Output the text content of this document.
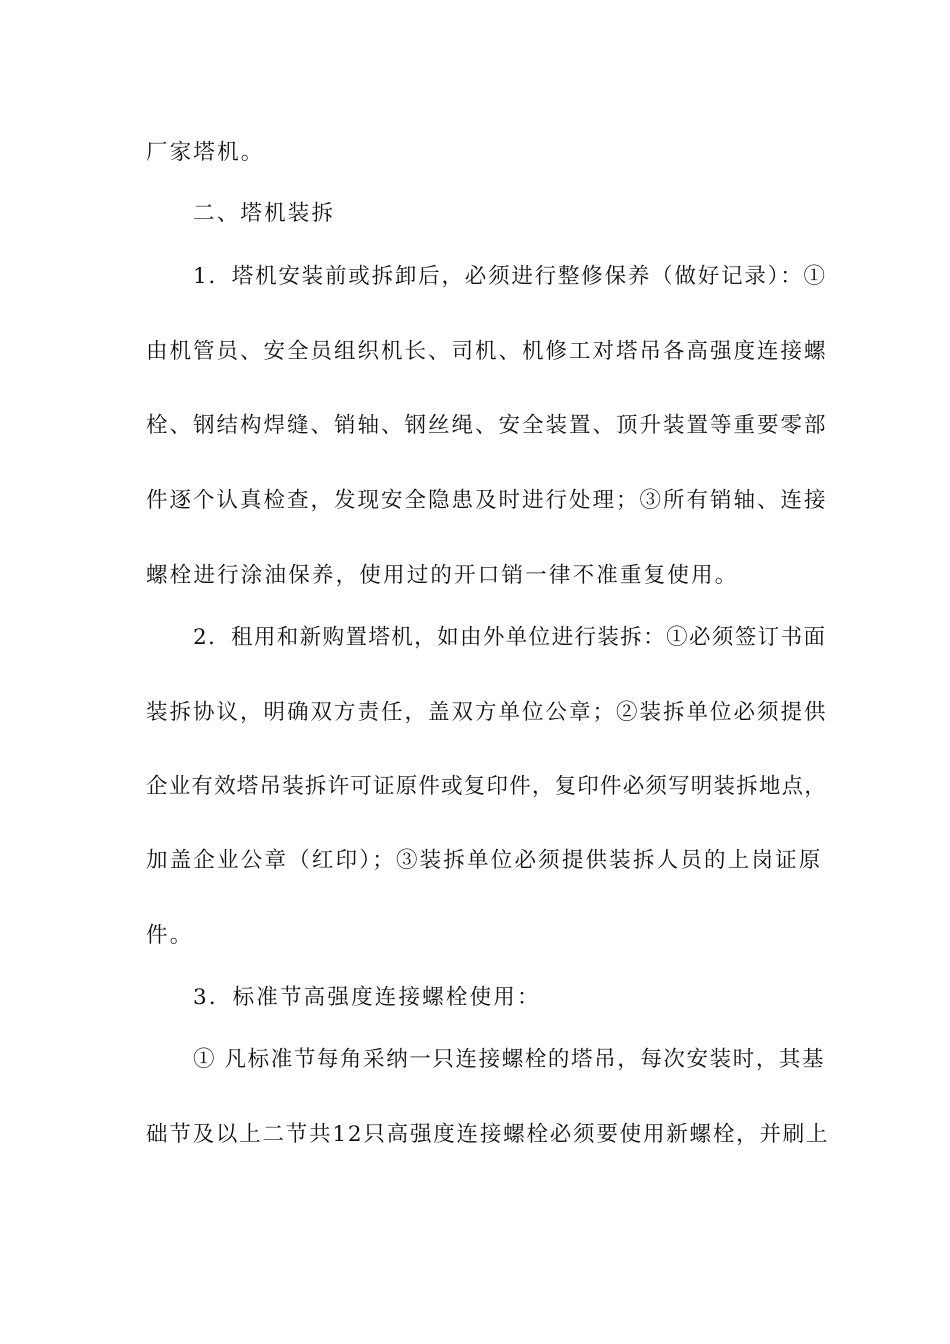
厂家塔机。
二、塔机装拆
1．塔机安装前或拆卸后，必须进行整修保养（做好记录）：①
由机管员、安全员组织机长、司机、机修工对塔吊各高强度连接螺
栓、钢结构焊缝、销轴、钢丝绳、安全装置、顶升装置等重要零部
件逐个认真检查，发现安全隐患及时进行处理；③所有销轴、连接
螺栓进行涂油保养，使用过的开口销一律不准重复使用。
2．租用和新购置塔机，如由外单位进行装拆：①必须签订书面
装拆协议，明确双方责任，盖双方单位公章；②装拆单位必须提供
企业有效塔吊装拆许可证原件或复印件，复印件必须写明装拆地点，
加盖企业公章（红印）；③装拆单位必须提供装拆人员的上岗证原
件。
3．标准节高强度连接螺栓使用：
① 凡标准节每角采纳一只连接螺栓的塔吊，每次安装时，其基
础节及以上二节共12只高强度连接螺栓必须要使用新螺栓，并刷上
